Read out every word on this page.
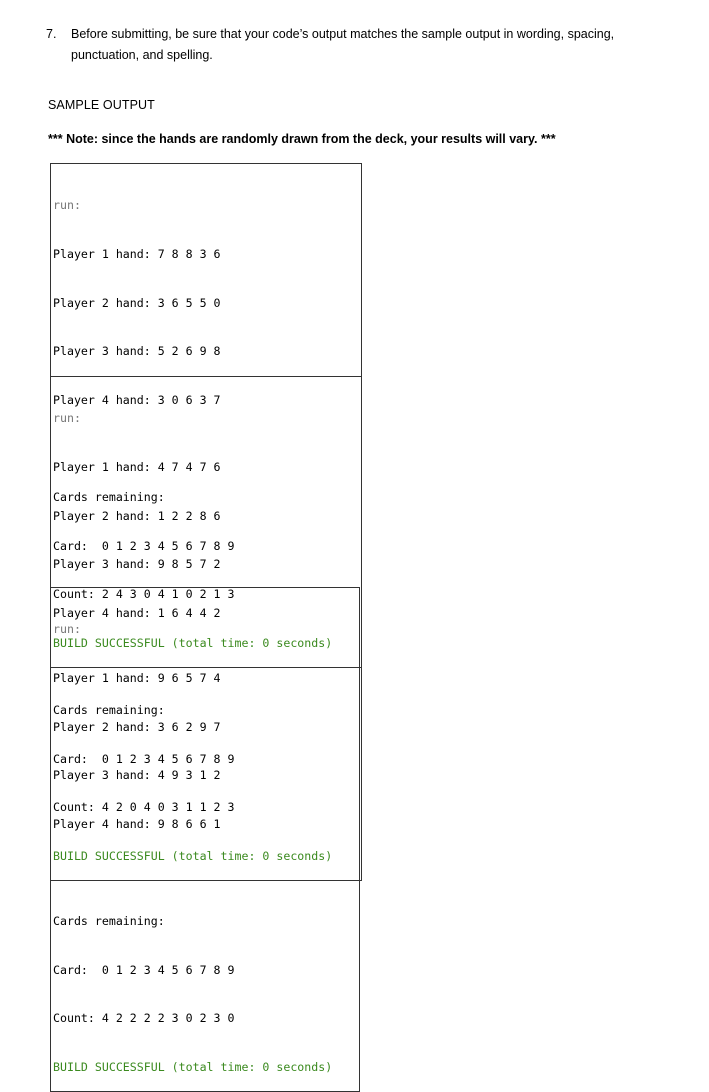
7.	Before submitting, be sure that your code’s output matches the sample output in wording, spacing, punctuation, and spelling.
SAMPLE OUTPUT
*** Note: since the hands are randomly drawn from the deck, your results will vary. ***

run:

Player 1 hand: 7 8 8 3 6

Player 2 hand: 3 6 5 5 0

Player 3 hand: 5 2 6 9 8

Player 4 hand: 3 0 6 3 7

Cards remaining:

Card:  0 1 2 3 4 5 6 7 8 9

Count: 2 4 3 0 4 1 0 2 1 3

BUILD SUCCESSFUL (total time: 0 seconds)

run:

Player 1 hand: 4 7 4 7 6

Player 2 hand: 1 2 2 8 6

Player 3 hand: 9 8 5 7 2

Player 4 hand: 1 6 4 4 2

Cards remaining:

Card:  0 1 2 3 4 5 6 7 8 9

Count: 4 2 0 4 0 3 1 1 2 3

BUILD SUCCESSFUL (total time: 0 seconds)

run:

Player 1 hand: 9 6 5 7 4

Player 2 hand: 3 6 2 9 7

Player 3 hand: 4 9 3 1 2

Player 4 hand: 9 8 6 6 1

Cards remaining:

Card:  0 1 2 3 4 5 6 7 8 9

Count: 4 2 2 2 2 3 0 2 3 0

BUILD SUCCESSFUL (total time: 0 seconds)
